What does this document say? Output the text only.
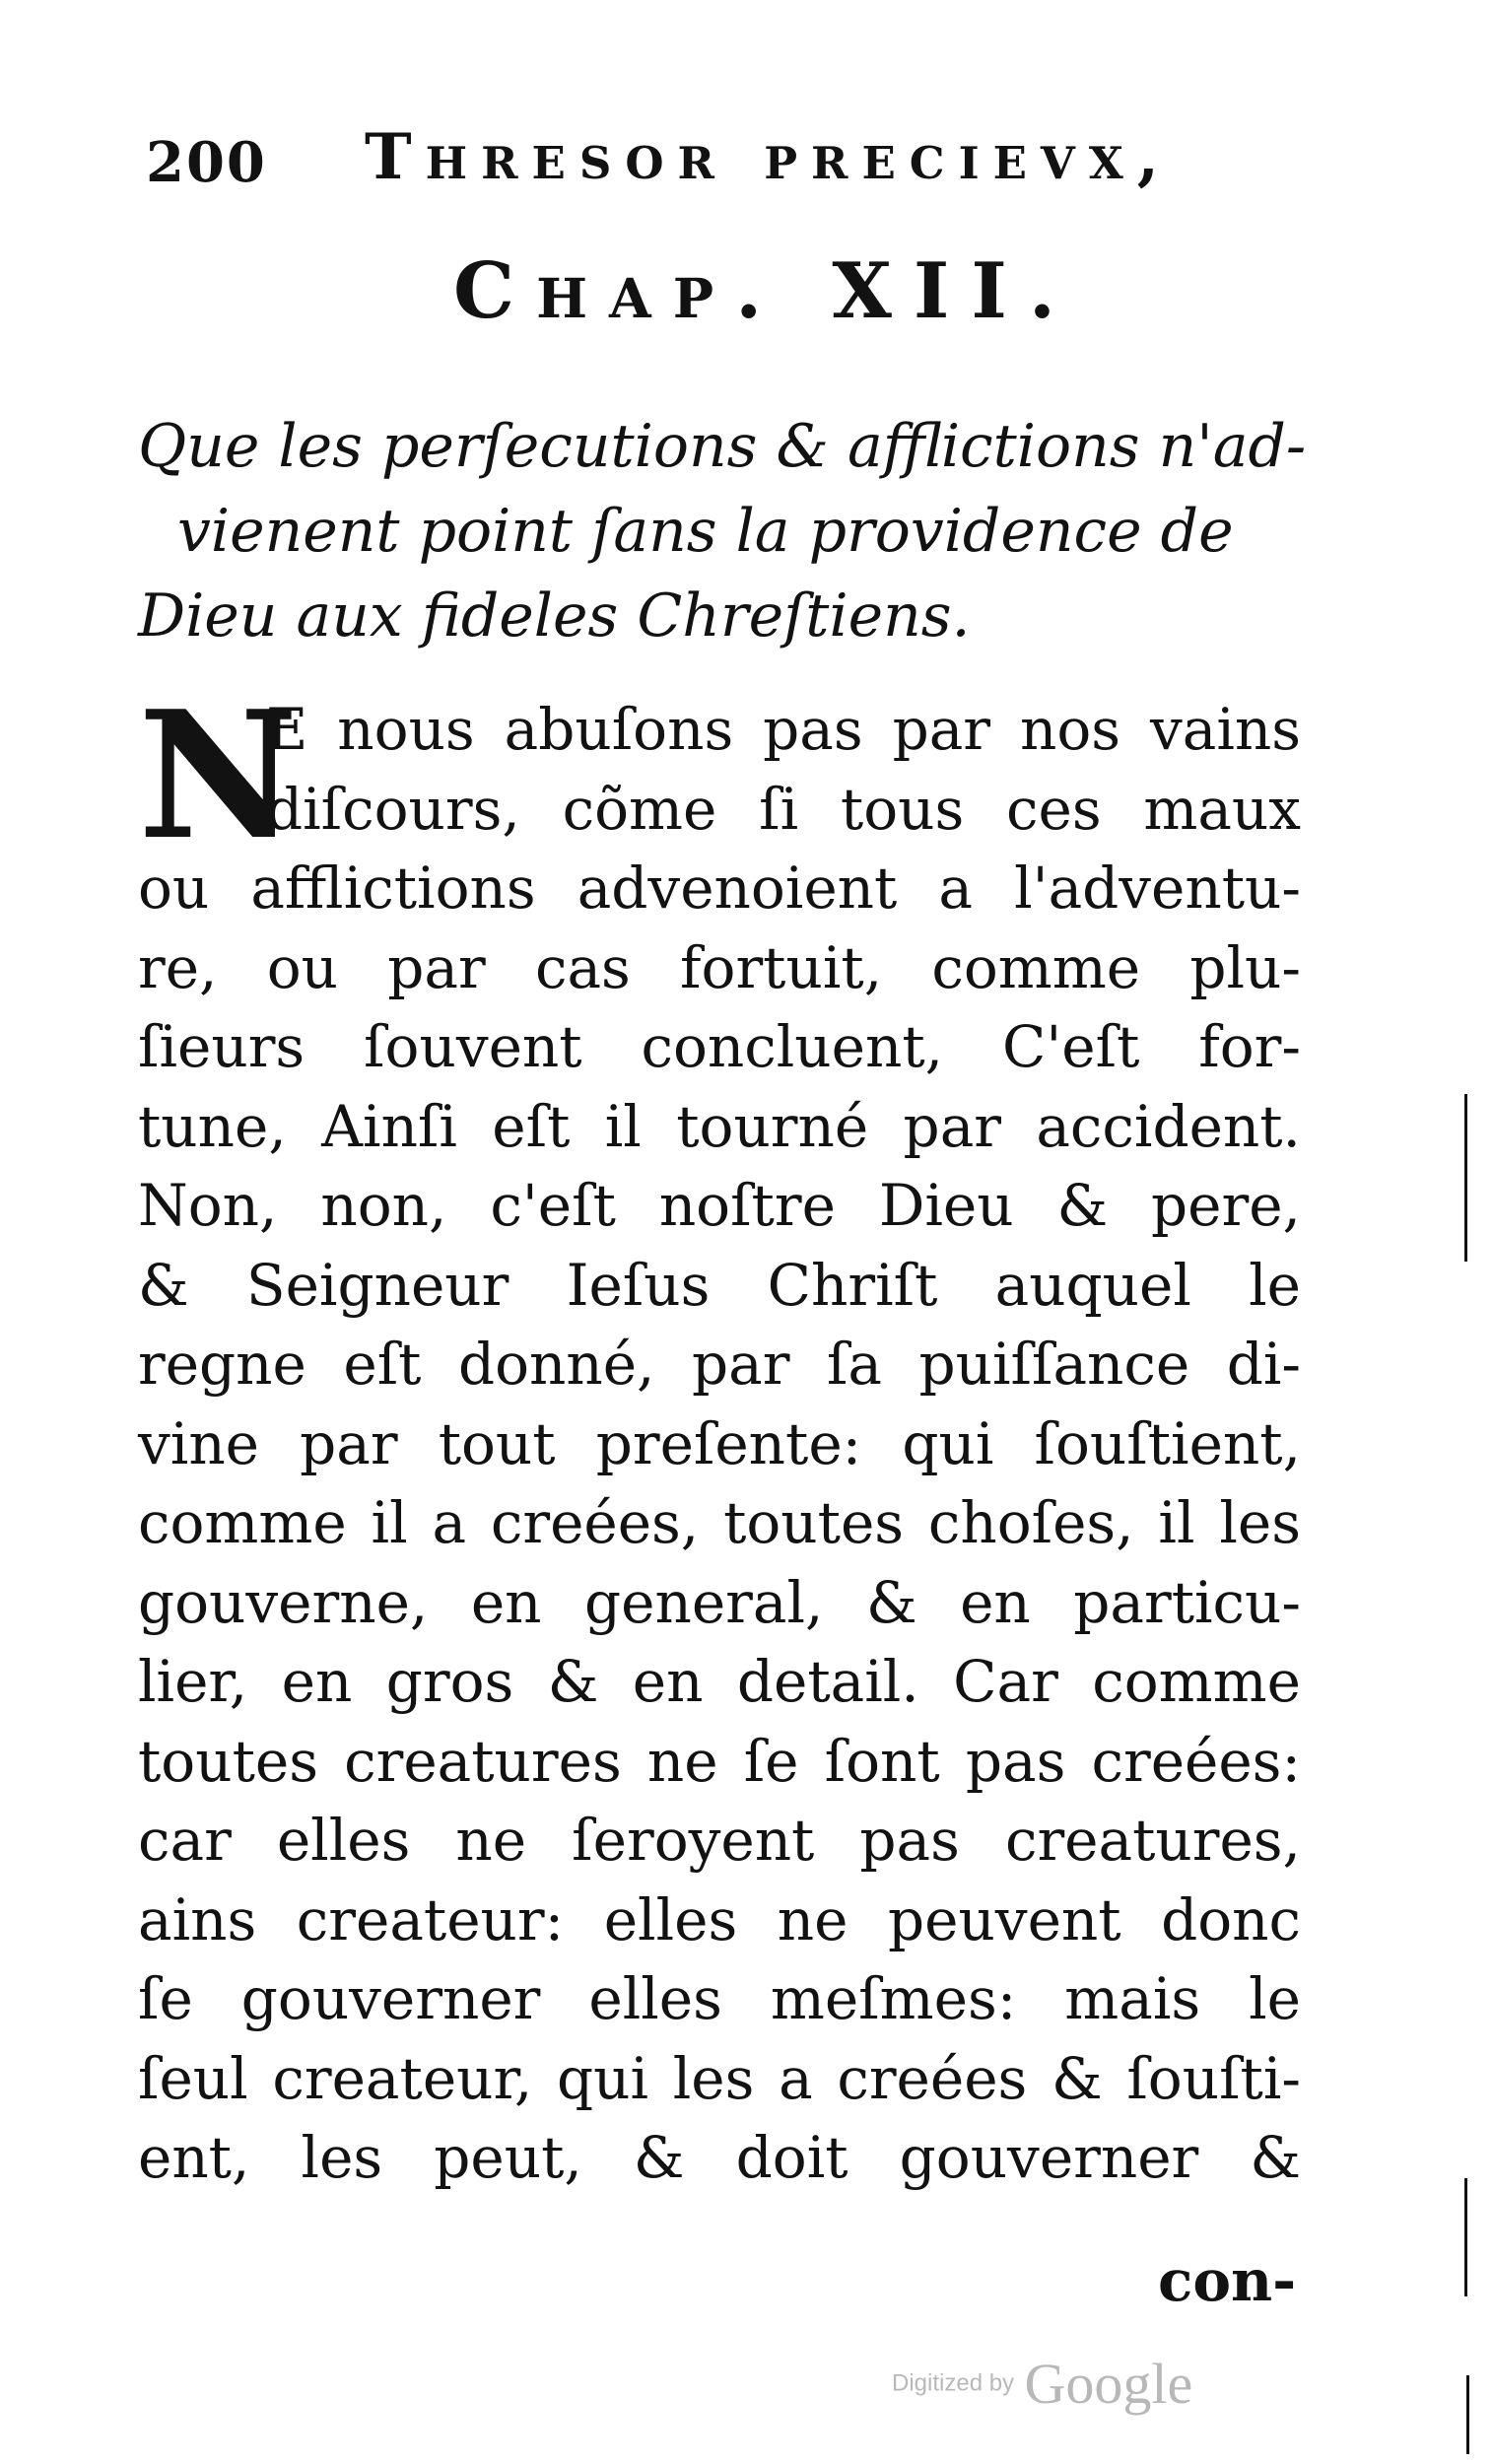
200 Thresor precievx,
Chap. XII.
Que les perſecutions & afflictions n'ad-
vienent point ſans la providence de
Dieu aux fideles Chreſtiens.
N
E nous abuſons pas par nos vains
diſcours, cõme ſi tous ces maux
ou afflictions advenoient a l'adventu-
re, ou par cas fortuit, comme plu-
ſieurs ſouvent concluent, C'eſt for-
tune, Ainſi eſt il tourné par accident.
Non, non, c'eſt noſtre Dieu & pere,
& Seigneur Ieſus Chriſt auquel le
regne eſt donné, par ſa puiſſance di-
vine par tout preſente: qui ſouſtient,
comme il a creées, toutes choſes, il les
gouverne, en general, & en particu-
lier, en gros & en detail. Car comme
toutes creatures ne ſe ſont pas creées:
car elles ne ſeroyent pas creatures,
ains createur: elles ne peuvent donc
ſe gouverner elles meſmes: mais le
ſeul createur, qui les a creées & ſouſti-
ent, les peut, & doit gouverner &
con-
Digitized by Google
